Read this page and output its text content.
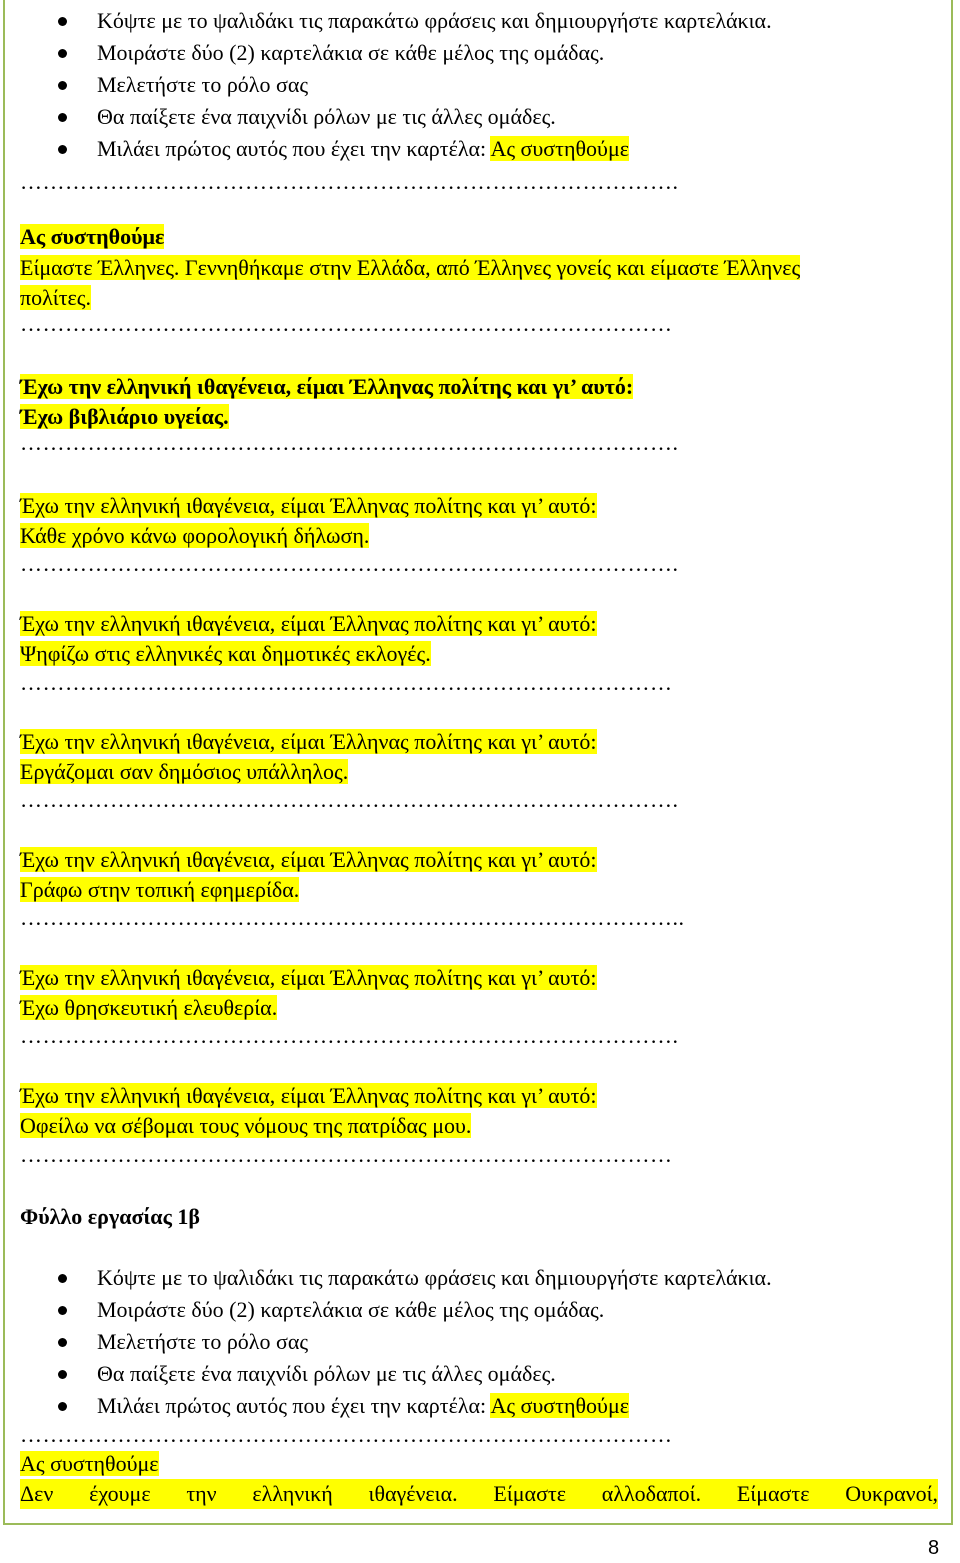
Κόψτε με το ψαλιδάκι τις παρακάτω φράσεις και δημιουργήστε καρτελάκια.
Μοιράστε δύο (2) καρτελάκια σε κάθε μέλος της ομάδας.
Μελετήστε το ρόλο σας
Θα παίξετε ένα παιχνίδι ρόλων με τις άλλες ομάδες.
Μιλάει πρώτος αυτός που έχει την καρτέλα: Ας συστηθούμε
…………………………………………………………………………….
Ας συστηθούμε
Είμαστε Έλληνες. Γεννηθήκαμε στην Ελλάδα, από Έλληνες γονείς και είμαστε Έλληνες
πολίτες.
……………………………………………………………………………
Έχω την ελληνική ιθαγένεια, είμαι Έλληνας πολίτης και γι’ αυτό:
Έχω βιβλιάριο υγείας.
…………………………………………………………………………….
Έχω την ελληνική ιθαγένεια, είμαι Έλληνας πολίτης και γι’ αυτό:
Κάθε χρόνο κάνω φορολογική δήλωση.
…………………………………………………………………………….
Έχω την ελληνική ιθαγένεια, είμαι Έλληνας πολίτης και γι’ αυτό:
Ψηφίζω στις ελληνικές και δημοτικές εκλογές.
……………………………………………………………………………
Έχω την ελληνική ιθαγένεια, είμαι Έλληνας πολίτης και γι’ αυτό:
Εργάζομαι σαν δημόσιος υπάλληλος.
…………………………………………………………………………….
Έχω την ελληνική ιθαγένεια, είμαι Έλληνας πολίτης και γι’ αυτό:
Γράφω στην τοπική εφημερίδα.
……………………………………………………………………………..
Έχω την ελληνική ιθαγένεια, είμαι Έλληνας πολίτης και γι’ αυτό:
Έχω θρησκευτική ελευθερία.
…………………………………………………………………………….
Έχω την ελληνική ιθαγένεια, είμαι Έλληνας πολίτης και γι’ αυτό:
Οφείλω να σέβομαι τους νόμους της πατρίδας μου.
……………………………………………………………………………
Φύλλο εργασίας 1β
Κόψτε με το ψαλιδάκι τις παρακάτω φράσεις και δημιουργήστε καρτελάκια.
Μοιράστε δύο (2) καρτελάκια σε κάθε μέλος της ομάδας.
Μελετήστε το ρόλο σας
Θα παίξετε ένα παιχνίδι ρόλων με τις άλλες ομάδες.
Μιλάει πρώτος αυτός που έχει την καρτέλα: Ας συστηθούμε
……………………………………………………………………………
Ας συστηθούμε
Δεν έχουμε την ελληνική ιθαγένεια. Είμαστε αλλοδαποί. Είμαστε Ουκρανοί,
8
